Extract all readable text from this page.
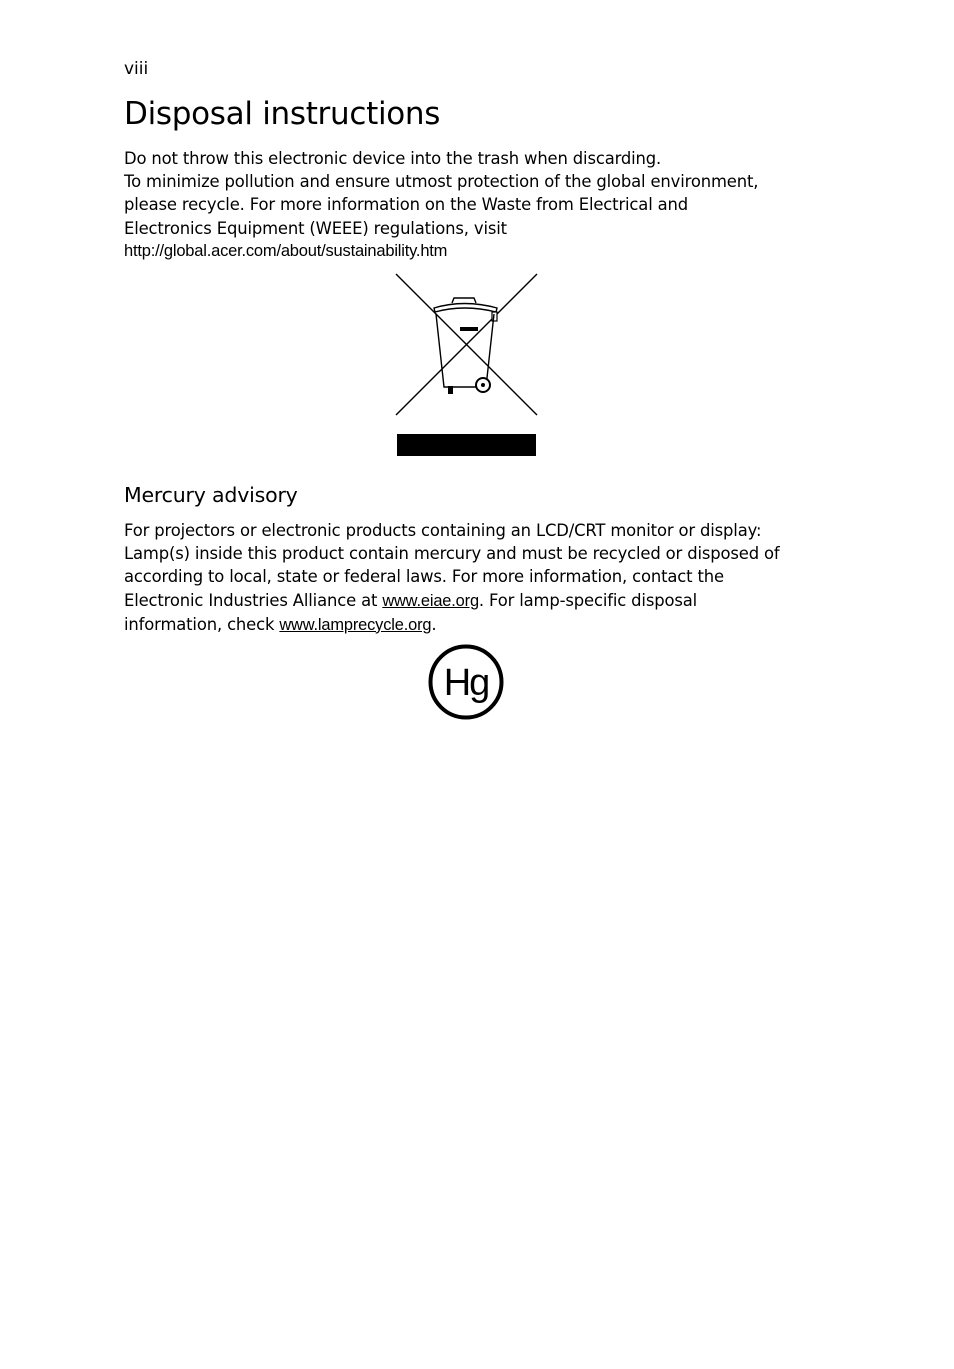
viii
Disposal instructions

Do not throw this electronic device into the trash when discarding.
To minimize pollution and ensure utmost protection of the global environment,
please recycle. For more information on the Waste from Electrical and
Electronics Equipment (WEEE) regulations, visit
http://global.acer.com/about/sustainability.htm

Mercury advisory

For projectors or electronic products containing an LCD/CRT monitor or display:
Lamp(s) inside this product contain mercury and must be recycled or disposed of
according to local, state or federal laws. For more information, contact the
Electronic Industries Alliance at www.eiae.org. For lamp-specific disposal
information, check www.lamprecycle.org.

Hg
